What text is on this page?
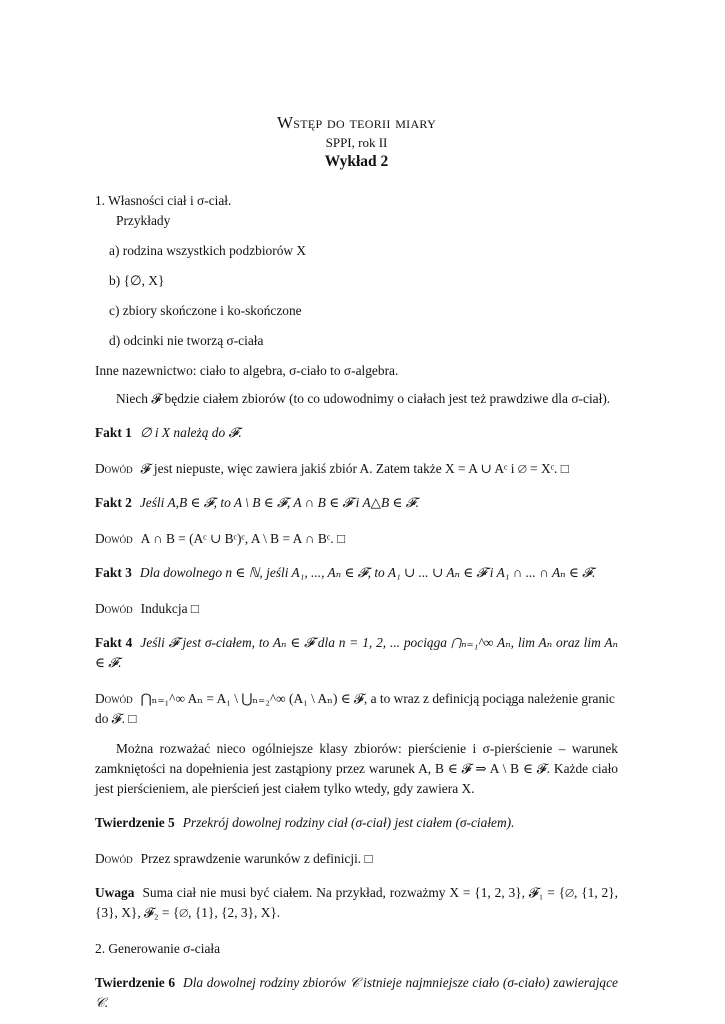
Wstęp do teorii miary
SPPI, rok II
Wykład 2

1. Własności ciał i σ-ciał.

Przykłady

a) rodzina wszystkich podzbiorów X
b) {∅, X}
c) zbiory skończone i ko-skończone
d) odcinki nie tworzą σ-ciała

Inne nazewnictwo: ciało to algebra, σ-ciało to σ-algebra.

Niech 𝓕 będzie ciałem zbiorów (to co udowodnimy o ciałach jest też prawdziwe dla σ-ciał).

Fakt 1 ∅ i X należą do 𝓕.

Dowód 𝓕 jest niepuste, więc zawiera jakiś zbiór A. Zatem także X = A ∪ Aᶜ i ∅ = Xᶜ. □

Fakt 2 Jeśli A,B ∈ 𝓕, to A \ B ∈ 𝓕, A ∩ B ∈ 𝓕 i A△B ∈ 𝓕.

Dowód A ∩ B = (Aᶜ ∪ Bᶜ)ᶜ, A \ B = A ∩ Bᶜ. □

Fakt 3 Dla dowolnego n ∈ ℕ, jeśli A₁, ..., Aₙ ∈ 𝓕, to A₁ ∪ ... ∪ Aₙ ∈ 𝓕 i A₁ ∩ ... ∩ Aₙ ∈ 𝓕.

Dowód Indukcja □

Fakt 4 Jeśli 𝓕 jest σ-ciałem, to Aₙ ∈ 𝓕 dla n = 1, 2, ... pociąga ⋂ₙ₌₁^∞ Aₙ, lim Aₙ oraz lim Aₙ ∈ 𝓕.

Dowód ⋂ₙ₌₁^∞ Aₙ = A₁ \ ⋃ₙ₌₂^∞ (A₁ \ Aₙ) ∈ 𝓕, a to wraz z definicją pociąga należenie granic do 𝓕. □

Można rozważać nieco ogólniejsze klasy zbiorów: pierścienie i σ-pierścienie – warunek zamkniętości na dopełnienia jest zastąpiony przez warunek A, B ∈ 𝓕 ⇒ A \ B ∈ 𝓕. Każde ciało jest pierścieniem, ale pierścień jest ciałem tylko wtedy, gdy zawiera X.

Twierdzenie 5 Przekrój dowolnej rodziny ciał (σ-ciał) jest ciałem (σ-ciałem).

Dowód Przez sprawdzenie warunków z definicji. □

Uwaga Suma ciał nie musi być ciałem. Na przykład, rozważmy X = {1, 2, 3}, 𝓕₁ = {∅, {1, 2}, {3}, X}, 𝓕₂ = {∅, {1}, {2, 3}, X}.

2. Generowanie σ-ciała

Twierdzenie 6 Dla dowolnej rodziny zbiorów 𝒞 istnieje najmniejsze ciało (σ-ciało) zawierające 𝒞.
